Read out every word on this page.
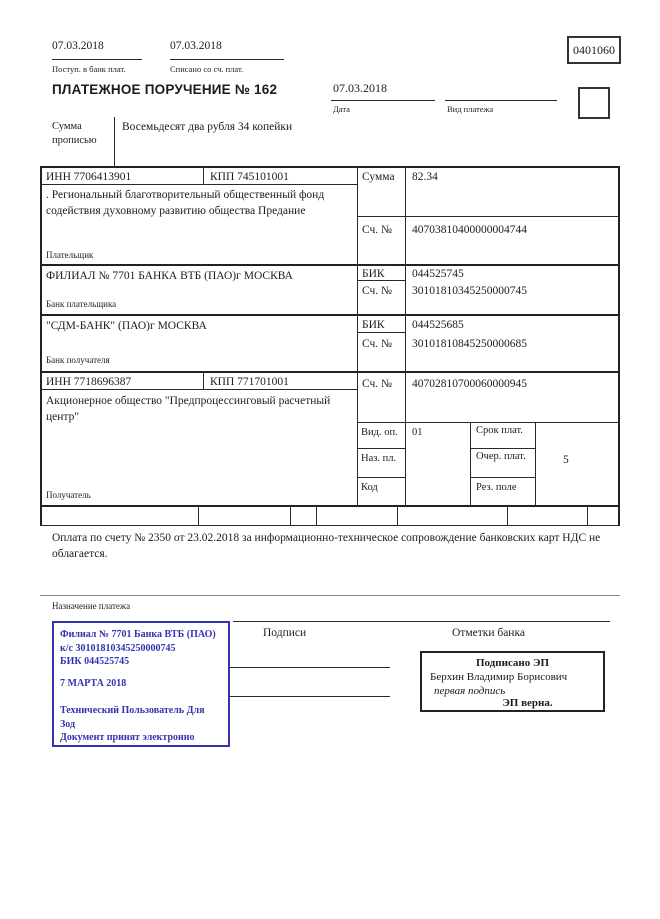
07.03.2018
Поступ. в банк плат.
07.03.2018
Списано со сч. плат.
0401060
ПЛАТЕЖНОЕ ПОРУЧЕНИЕ № 162	07.03.2018
Дата	Вид платежа
Сумма прописью
Восемьдесят два рубля 34 копейки
ИНН 7706413901	КПП 745101001	Сумма 82.34
. Региональный благотворительный общественный фонд содействия духовному развитию общества Предание
Плательщик
Сч. № 40703810400000004744
ФИЛИАЛ № 7701 БАНКА ВТБ (ПАО)г МОСКВА	БИК 044525745
Сч. № 30101810345250000745
Банк плательщика
"СДМ-БАНК" (ПАО)г МОСКВА	БИК 044525685
Сч. № 30101810845250000685
Банк получателя
ИНН 7718696387	КПП 771701001	Сч. № 40702810700060000945
Акционерное общество "Предпроцессинговый расчетный центр"
Получатель
Вид. оп. 01	Срок плат.
Наз. пл.	Очер. плат.	5
Код	Рез. поле
Оплата по счету № 2350 от 23.02.2018 за информационно-техническое сопровождение банковских карт НДС не облагается.
Назначение платежа
Подписи	Отметки банка
Филиал № 7701 Банка ВТБ (ПАО)
к/с 30101810345250000745
БИК 044525745
7 МАРТА 2018
Технический Пользователь Для Зод
Документ принят электронно
Подписано ЭП
Берхин Владимир Борисович
первая подпись
ЭП верна.
